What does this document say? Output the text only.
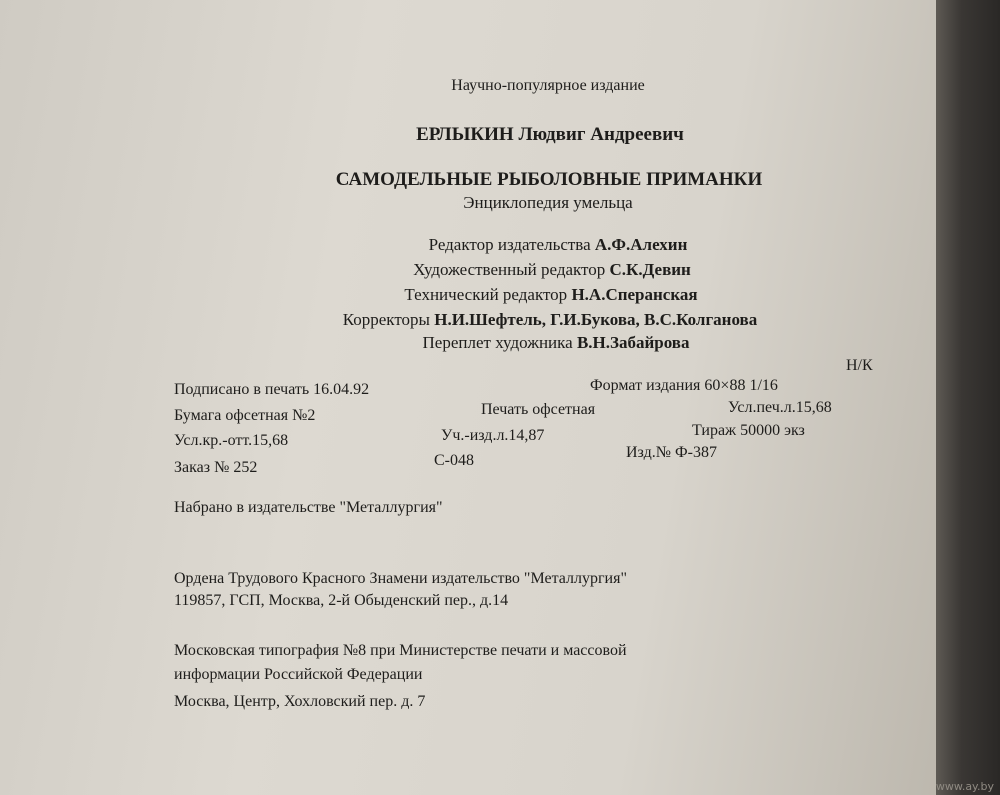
Научно-популярное издание
ЕРЛЫКИН Людвиг Андреевич
САМОДЕЛЬНЫЕ РЫБОЛОВНЫЕ ПРИМАНКИ
Энциклопедия умельца
Редактор издательства А.Ф.Алехин
Художественный редактор С.К.Девин
Технический редактор Н.А.Сперанская
Корректоры Н.И.Шефтель, Г.И.Букова, В.С.Колганова
Переплет художника В.Н.Забайрова
Н/К
Подписано в печать 16.04.92	Формат издания 60×88 1/16
Бумага офсетная №2	Печать офсетная	Усл.печ.л.15,68
Усл.кр.-отт.15,68	Уч.-изд.л.14,87	Тираж 50000 экз
Заказ № 252	С-048	Изд.№ Ф-387
Набрано в издательстве "Металлургия"
Ордена Трудового Красного Знамени издательство "Металлургия"
119857, ГСП, Москва, 2-й Обыденский пер., д.14
Московская типография №8 при Министерстве печати и массовой
информации Российской Федерации
Москва, Центр, Хохловский пер. д. 7
www.ay.by
